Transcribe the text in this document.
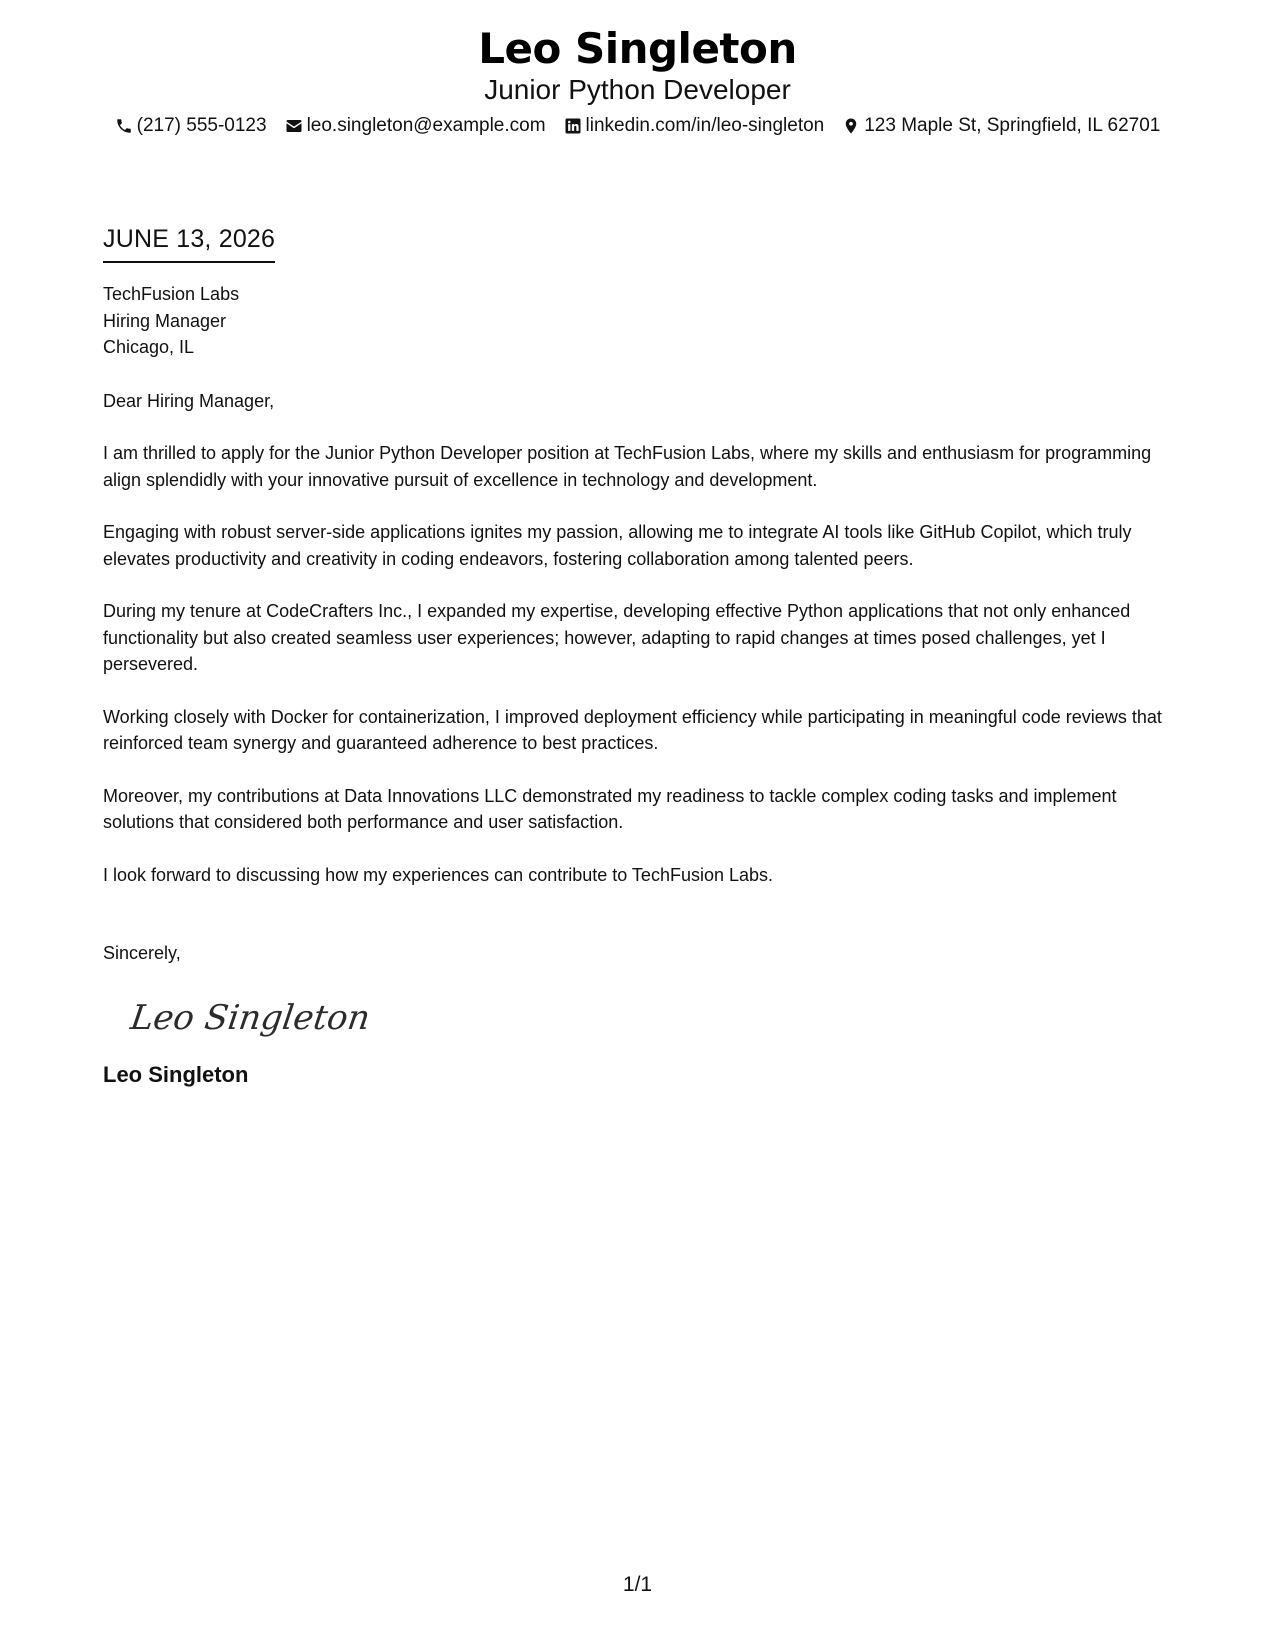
Leo Singleton
Junior Python Developer
(217) 555-0123 leo.singleton@example.com linkedin.com/in/leo-singleton 123 Maple St, Springfield, IL 62701
JUNE 13, 2026
TechFusion Labs
Hiring Manager
Chicago, IL
Dear Hiring Manager,
I am thrilled to apply for the Junior Python Developer position at TechFusion Labs, where my skills and enthusiasm for programming align splendidly with your innovative pursuit of excellence in technology and development.
Engaging with robust server-side applications ignites my passion, allowing me to integrate AI tools like GitHub Copilot, which truly elevates productivity and creativity in coding endeavors, fostering collaboration among talented peers.
During my tenure at CodeCrafters Inc., I expanded my expertise, developing effective Python applications that not only enhanced functionality but also created seamless user experiences; however, adapting to rapid changes at times posed challenges, yet I persevered.
Working closely with Docker for containerization, I improved deployment efficiency while participating in meaningful code reviews that reinforced team synergy and guaranteed adherence to best practices.
Moreover, my contributions at Data Innovations LLC demonstrated my readiness to tackle complex coding tasks and implement solutions that considered both performance and user satisfaction.
I look forward to discussing how my experiences can contribute to TechFusion Labs.
Sincerely,
Leo Singleton
Leo Singleton
1/1
